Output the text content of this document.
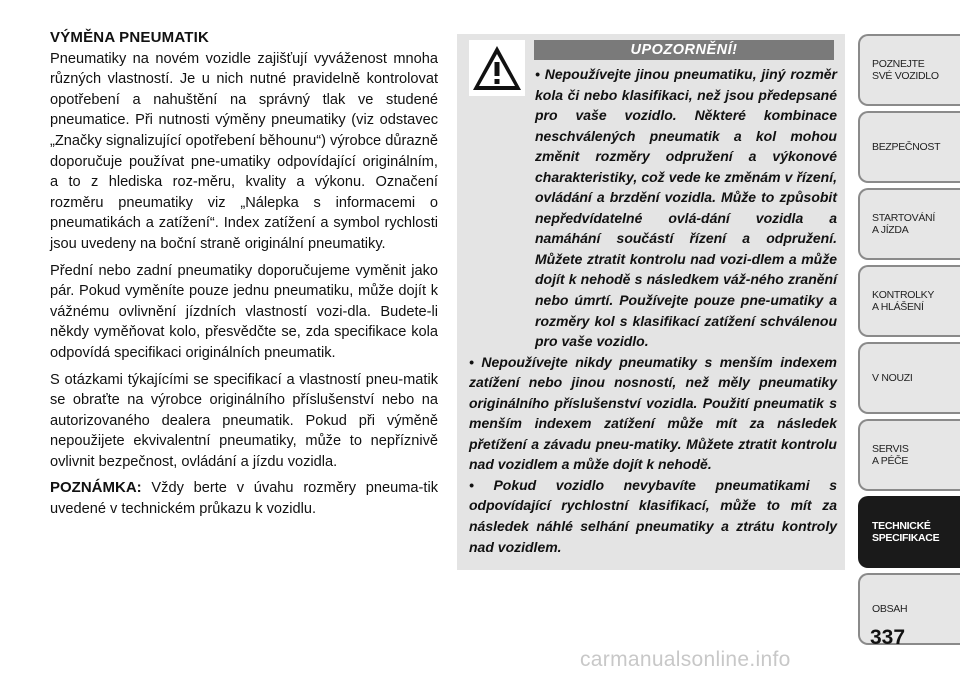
VÝMĚNA PNEUMATIK

Pneumatiky na novém vozidle zajišťují vyváženost mnoha různých vlastností. Je u nich nutné pravidelně kontrolovat opotřebení a nahuštění na správný tlak ve studené pneumatice. Při nutnosti výměny pneumatiky (viz odstavec „Značky signalizující opotřebení běhounu“) výrobce důrazně doporučuje používat pne-umatiky odpovídající originálním, a to z hlediska roz-měru, kvality a výkonu. Označení rozměru pneumatiky viz „Nálepka s informacemi o pneumatikách a zatížení“. Index zatížení a symbol rychlosti jsou uvedeny na boční straně originální pneumatiky.

Přední nebo zadní pneumatiky doporučujeme vyměnit jako pár. Pokud vyměníte pouze jednu pneumatiku, může dojít k vážnému ovlivnění jízdních vlastností vozi-dla. Budete-li někdy vyměňovat kolo, přesvědčte se, zda specifikace kola odpovídá specifikaci originálních pneumatik.

S otázkami týkajícími se specifikací a vlastností pneu-matik se obraťte na výrobce originálního příslušenství nebo na autorizovaného dealera pneumatik. Pokud při výměně nepoužijete ekvivalentní pneumatiky, může to nepříznivě ovlivnit bezpečnost, ovládání a jízdu vozidla.

POZNÁMKA: Vždy berte v úvahu rozměry pneuma-tik uvedené v technickém průkazu k vozidlu.

UPOZORNĚNÍ!

• Nepoužívejte jinou pneumatiku, jiný rozměr kola či nebo klasifikaci, než jsou předepsané pro vaše vozidlo. Některé kombinace neschválených pneumatik a kol mohou změnit rozměry odpružení a výkonové charakteristiky, což vede ke změnám v řízení, ovládání a brzdění vozidla. Může to způsobit nepředvídatelné ovlá-dání vozidla a namáhání součástí řízení a odpružení. Můžete ztratit kontrolu nad vozi-dlem a může dojít k nehodě s následkem váž-ného zranění nebo úmrtí. Používejte pouze pne-umatiky a rozměry kol s klasifikací zatížení schválenou pro vaše vozidlo.

• Nepoužívejte nikdy pneumatiky s menším indexem zatížení nebo jinou nosností, než měly pneumatiky originálního příslušenství vozidla. Použití pneumatik s menším indexem zatížení může mít za následek přetížení a závadu pneu-matiky. Můžete ztratit kontrolu nad vozidlem a může dojít k nehodě.

• Pokud vozidlo nevybavíte pneumatikami s odpovídající rychlostní klasifikací, může to mít za následek náhlé selhání pneumatiky a ztrátu kontroly nad vozidlem.

POZNEJTE
SVÉ VOZIDLO
BEZPEČNOST
STARTOVÁNÍ
A JÍZDA
KONTROLKY
A HLÁŠENÍ
V NOUZI
SERVIS
A PÉČE
TECHNICKÉ
SPECIFIKACE
OBSAH
337
carmanualsonline.info
